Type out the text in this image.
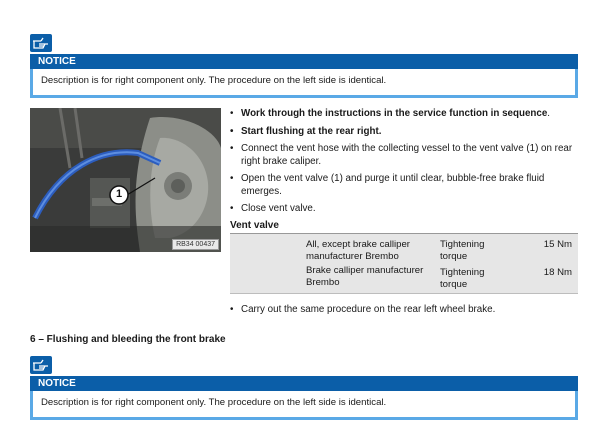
NOTICE
Description is for right component only. The procedure on the left side is identical.
1
RB34 00437
• Work through the instructions in the service function in sequence.
• Start flushing at the rear right.
• Connect the vent hose with the collecting vessel to the vent valve (1) on rear right brake caliper.
• Open the vent valve (1) and purge it until clear, bubble-free brake fluid emerges.
• Close vent valve.
Vent valve
All, except brake calliper manufacturer Brembo
Tightening torque
15 Nm
Brake calliper manufacturer Brembo
Tightening torque
18 Nm
• Carry out the same procedure on the rear left wheel brake.
6 – Flushing and bleeding the front brake
NOTICE
Description is for right component only. The procedure on the left side is identical.
